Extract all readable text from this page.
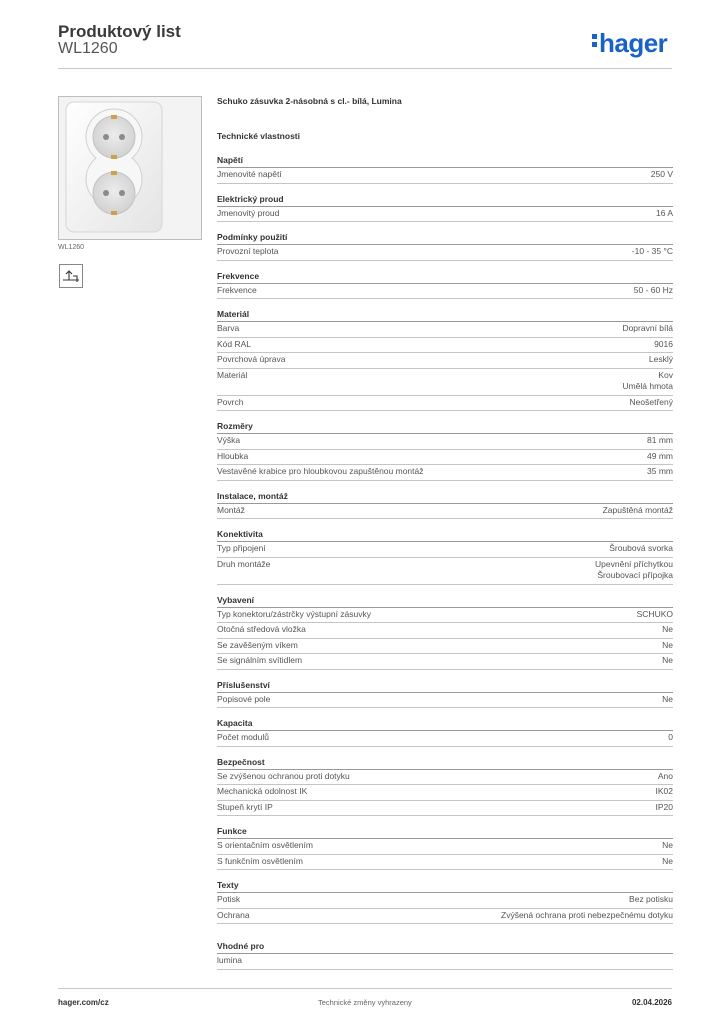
Produktový list
WL1260	hager
WL1260
Schuko zásuvka 2-násobná s cl.- bílá, Lumina
Technické vlastnosti
Napětí
Jmenovité napětí	250 V
Elektrický proud
Jmenovitý proud	16 A
Podmínky použití
Provozní teplota	-10 - 35 °C
Frekvence
Frekvence	50 - 60 Hz
Materiál
Barva	Dopravní bílá
Kód RAL	9016
Povrchová úprava	Lesklý
Materiál	Kov
Umělá hmota
Povrch	Neošetřený
Rozměry
Výška	81 mm
Hloubka	49 mm
Vestavěné krabice pro hloubkovou zapuštěnou montáž	35 mm
Instalace, montáž
Montáž	Zapuštěná montáž
Konektivita
Typ připojení	Šroubová svorka
Druh montáže	Upevnění příchytkou
Šroubovací přípojka
Vybavení
Typ konektoru/zástrčky výstupní zásuvky	SCHUKO
Otočná středová vložka	Ne
Se zavěšeným víkem	Ne
Se signálním svítidlem	Ne
Příslušenství
Popisové pole	Ne
Kapacita
Počet modulů	0
Bezpečnost
Se zvýšenou ochranou proti dotyku	Ano
Mechanická odolnost IK	IK02
Stupeň krytí IP	IP20
Funkce
S orientačním osvětlením	Ne
S funkčním osvětlením	Ne
Texty
Potisk	Bez potisku
Ochrana	Zvýšená ochrana proti nebezpečnému dotyku
Vhodné pro
lumina
hager.com/cz	Technické změny vyhrazeny	02.04.2026
